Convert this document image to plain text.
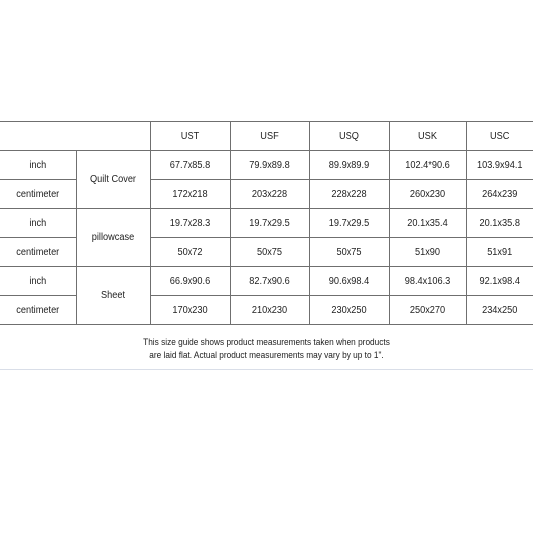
		USТ	USF	USQ	USK	USC
inch	Quilt Cover	67.7x85.8	79.9x89.8	89.9x89.9	102.4*90.6	103.9x94.1
centimeter		172x218	203x228	228x228	260x230	264x239
inch	pillowcase	19.7x28.3	19.7x29.5	19.7x29.5	20.1x35.4	20.1x35.8
centimeter		50x72	50x75	50x75	51x90	51x91
inch	Sheet	66.9x90.6	82.7x90.6	90.6x98.4	98.4x106.3	92.1x98.4
centimeter		170x230	210x230	230x250	250x270	234x250
This size guide shows product measurements taken when products
are laid flat. Actual product measurements may vary by up to 1".
